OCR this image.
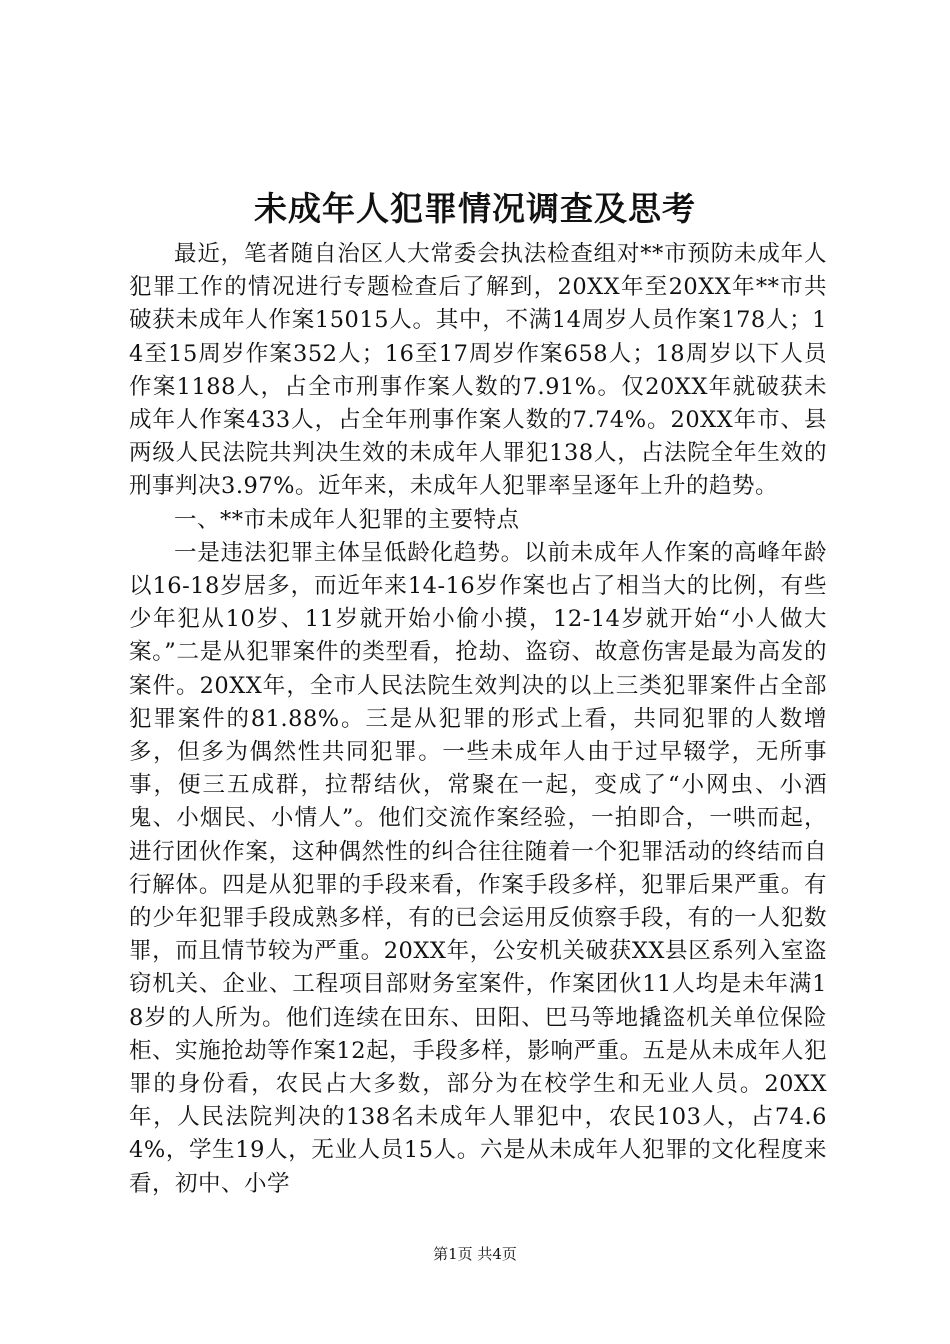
未成年人犯罪情况调查及思考

最近，笔者随自治区人大常委会执法检查组对**市预防未成年人犯罪工作的情况进行专题检查后了解到，20XX年至20XX年**市共破获未成年人作案15015人。其中，不满14周岁人员作案178人；14至15周岁作案352人；16至17周岁作案658人；18周岁以下人员作案1188人，占全市刑事作案人数的7.91%。仅20XX年就破获未成年人作案433人，占全年刑事作案人数的7.74%。20XX年市、县两级人民法院共判决生效的未成年人罪犯138人，占法院全年生效的刑事判决3.97%。近年来，未成年人犯罪率呈逐年上升的趋势。

一、**市未成年人犯罪的主要特点

一是违法犯罪主体呈低龄化趋势。以前未成年人作案的高峰年龄以16-18岁居多，而近年来14-16岁作案也占了相当大的比例，有些少年犯从10岁、11岁就开始小偷小摸，12-14岁就开始“小人做大案。”二是从犯罪案件的类型看，抢劫、盗窃、故意伤害是最为高发的案件。20XX年，全市人民法院生效判决的以上三类犯罪案件占全部犯罪案件的81.88%。三是从犯罪的形式上看，共同犯罪的人数增多，但多为偶然性共同犯罪。一些未成年人由于过早辍学，无所事事，便三五成群，拉帮结伙，常聚在一起，变成了“小网虫、小酒鬼、小烟民、小情人”。他们交流作案经验，一拍即合，一哄而起，进行团伙作案，这种偶然性的纠合往往随着一个犯罪活动的终结而自行解体。四是从犯罪的手段来看，作案手段多样，犯罪后果严重。有的少年犯罪手段成熟多样，有的已会运用反侦察手段，有的一人犯数罪，而且情节较为严重。20XX年，公安机关破获XX县区系列入室盗窃机关、企业、工程项目部财务室案件，作案团伙11人均是未年满18岁的人所为。他们连续在田东、田阳、巴马等地撬盗机关单位保险柜、实施抢劫等作案12起，手段多样，影响严重。五是从未成年人犯罪的身份看，农民占大多数，部分为在校学生和无业人员。20XX年，人民法院判决的138名未成年人罪犯中，农民103人，占74.64%，学生19人，无业人员15人。六是从未成年人犯罪的文化程度来看，初中、小学

第1页 共4页
